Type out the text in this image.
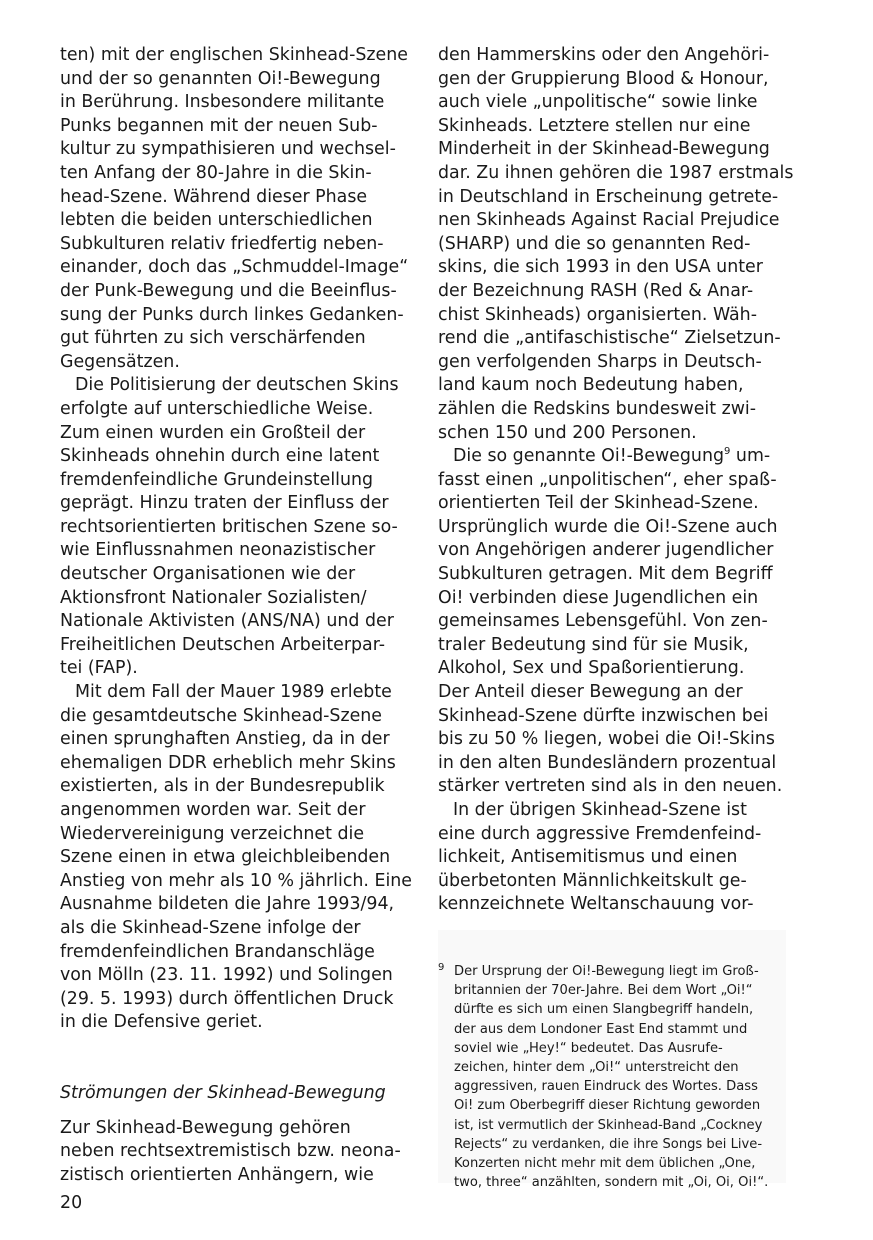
ten) mit der englischen Skinhead-Szene
und der so genannten Oi!-Bewegung
in Berührung. Insbesondere militante
Punks begannen mit der neuen Sub-
kultur zu sympathisieren und wechsel-
ten Anfang der 80-Jahre in die Skin-
head-Szene. Während dieser Phase
lebten die beiden unterschiedlichen
Subkulturen relativ friedfertig neben-
einander, doch das „Schmuddel-Image“
der Punk-Bewegung und die Beeinflus-
sung der Punks durch linkes Gedanken-
gut führten zu sich verschärfenden
Gegensätzen.
Die Politisierung der deutschen Skins
erfolgte auf unterschiedliche Weise.
Zum einen wurden ein Großteil der
Skinheads ohnehin durch eine latent
fremdenfeindliche Grundeinstellung
geprägt. Hinzu traten der Einfluss der
rechtsorientierten britischen Szene so-
wie Einflussnahmen neonazistischer
deutscher Organisationen wie der
Aktionsfront Nationaler Sozialisten/
Nationale Aktivisten (ANS/NA) und der
Freiheitlichen Deutschen Arbeiterpar-
tei (FAP).
Mit dem Fall der Mauer 1989 erlebte
die gesamtdeutsche Skinhead-Szene
einen sprunghaften Anstieg, da in der
ehemaligen DDR erheblich mehr Skins
existierten, als in der Bundesrepublik
angenommen worden war. Seit der
Wiedervereinigung verzeichnet die
Szene einen in etwa gleichbleibenden
Anstieg von mehr als 10 % jährlich. Eine
Ausnahme bildeten die Jahre 1993/94,
als die Skinhead-Szene infolge der
fremdenfeindlichen Brandanschläge
von Mölln (23. 11. 1992) und Solingen
(29. 5. 1993) durch öffentlichen Druck
in die Defensive geriet.
Strömungen der Skinhead-Bewegung
Zur Skinhead-Bewegung gehören
neben rechtsextremistisch bzw. neona-
zistisch orientierten Anhängern, wie
den Hammerskins oder den Angehöri-
gen der Gruppierung Blood & Honour,
auch viele „unpolitische“ sowie linke
Skinheads. Letztere stellen nur eine
Minderheit in der Skinhead-Bewegung
dar. Zu ihnen gehören die 1987 erstmals
in Deutschland in Erscheinung getrete-
nen Skinheads Against Racial Prejudice
(SHARP) und die so genannten Red-
skins, die sich 1993 in den USA unter
der Bezeichnung RASH (Red & Anar-
chist Skinheads) organisierten. Wäh-
rend die „antifaschistische“ Zielsetzun-
gen verfolgenden Sharps in Deutsch-
land kaum noch Bedeutung haben,
zählen die Redskins bundesweit zwi-
schen 150 und 200 Personen.
Die so genannte Oi!-Bewegung$^9$ um-
fasst einen „unpolitischen“, eher spaß-
orientierten Teil der Skinhead-Szene.
Ursprünglich wurde die Oi!-Szene auch
von Angehörigen anderer jugendlicher
Subkulturen getragen. Mit dem Begriff
Oi! verbinden diese Jugendlichen ein
gemeinsames Lebensgefühl. Von zen-
traler Bedeutung sind für sie Musik,
Alkohol, Sex und Spaßorientierung.
Der Anteil dieser Bewegung an der
Skinhead-Szene dürfte inzwischen bei
bis zu 50 % liegen, wobei die Oi!-Skins
in den alten Bundesländern prozentual
stärker vertreten sind als in den neuen.
In der übrigen Skinhead-Szene ist
eine durch aggressive Fremdenfeind-
lichkeit, Antisemitismus und einen
überbetonten Männlichkeitskult ge-
kennzeichnete Weltanschauung vor-
9 Der Ursprung der Oi!-Bewegung liegt im Groß-
britannien der 70er-Jahre. Bei dem Wort „Oi!“
dürfte es sich um einen Slangbegriff handeln,
der aus dem Londoner East End stammt und
soviel wie „Hey!“ bedeutet. Das Ausrufe-
zeichen, hinter dem „Oi!“ unterstreicht den
aggressiven, rauen Eindruck des Wortes. Dass
Oi! zum Oberbegriff dieser Richtung geworden
ist, ist vermutlich der Skinhead-Band „Cockney
Rejects“ zu verdanken, die ihre Songs bei Live-
Konzerten nicht mehr mit dem üblichen „One,
two, three“ anzählten, sondern mit „Oi, Oi, Oi!“.
20
